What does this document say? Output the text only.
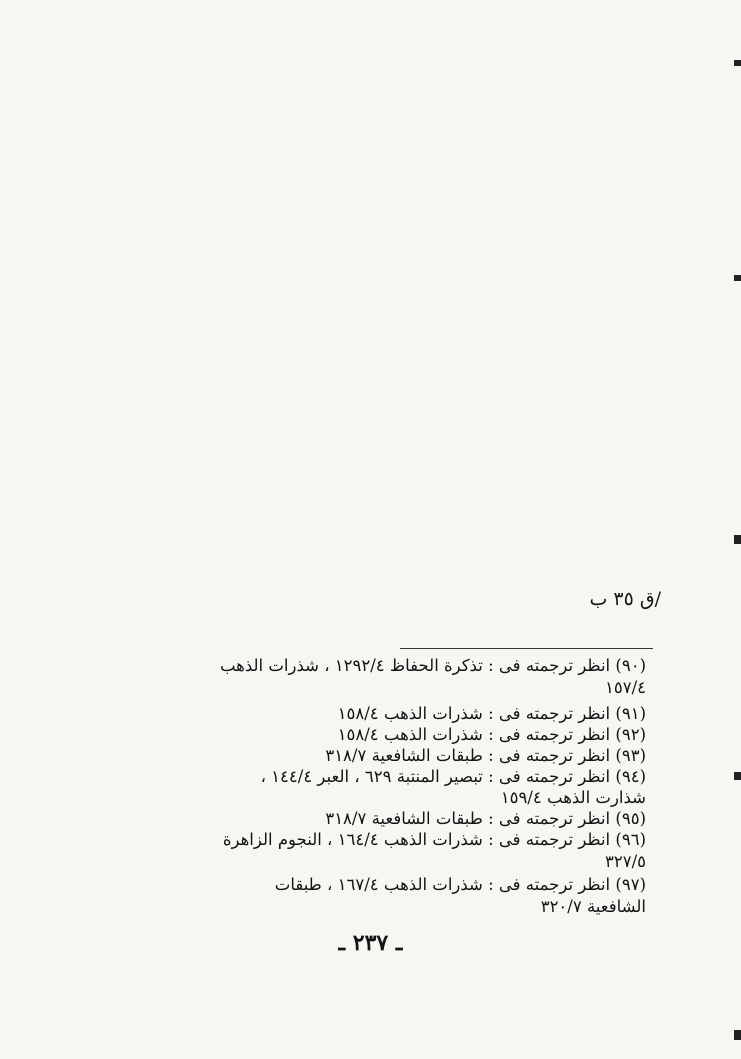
/ق ٣٥ ب
(٩٠) انظر ترجمته فى : تذكرة الحفاظ ١٢٩٢/٤ ، شذرات الذهب
١٥٧/٤
(٩١) انظر ترجمته فى : شذرات الذهب ١٥٨/٤
(٩٢) انظر ترجمته فى : شذرات الذهب ١٥٨/٤
(٩٣) انظر ترجمته فى : طبقات الشافعية ٣١٨/٧
(٩٤) انظر ترجمته فى : تبصير المنتبة ٦٢٩ ، العبر ١٤٤/٤ ،
شذارت الذهب ١٥٩/٤
(٩٥) انظر ترجمته فى : طبقات الشافعية ٣١٨/٧
(٩٦) انظر ترجمته فى : شذرات الذهب ١٦٤/٤ ، النجوم الزاهرة
٣٢٧/٥
(٩٧) انظر ترجمته فى : شذرات الذهب ١٦٧/٤ ، طبقات
الشافعية ٣٢٠/٧
ـ ٢٣٧ ـ
